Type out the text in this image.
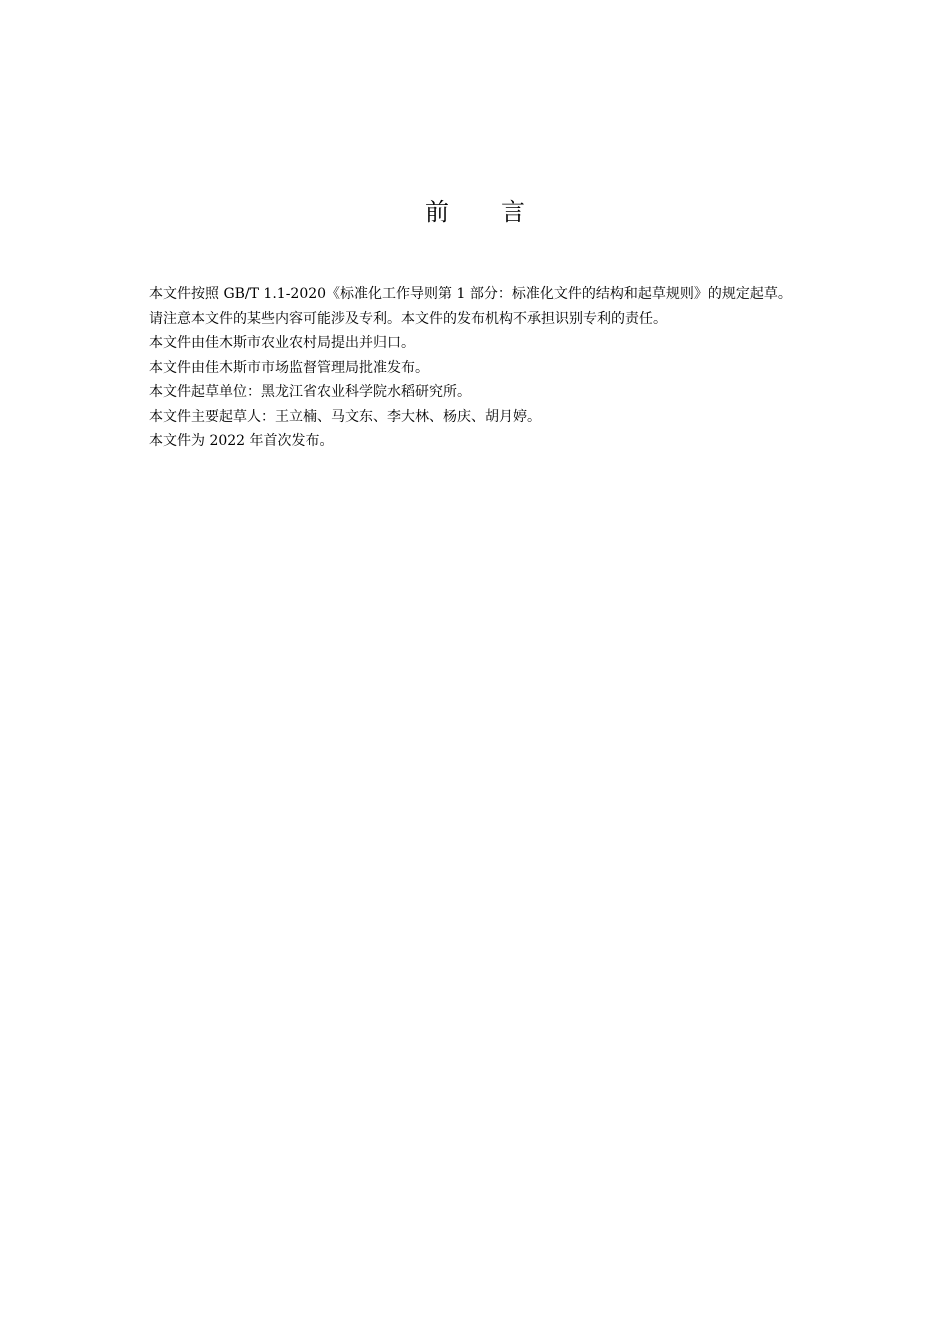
前 言

本文件按照 GB/T 1.1-2020《标准化工作导则第 1 部分：标准化文件的结构和起草规则》的规定起草。

请注意本文件的某些内容可能涉及专利。本文件的发布机构不承担识别专利的责任。

本文件由佳木斯市农业农村局提出并归口。

本文件由佳木斯市市场监督管理局批准发布。

本文件起草单位：黑龙江省农业科学院水稻研究所。

本文件主要起草人：王立楠、马文东、李大林、杨庆、胡月婷。

本文件为 2022 年首次发布。
